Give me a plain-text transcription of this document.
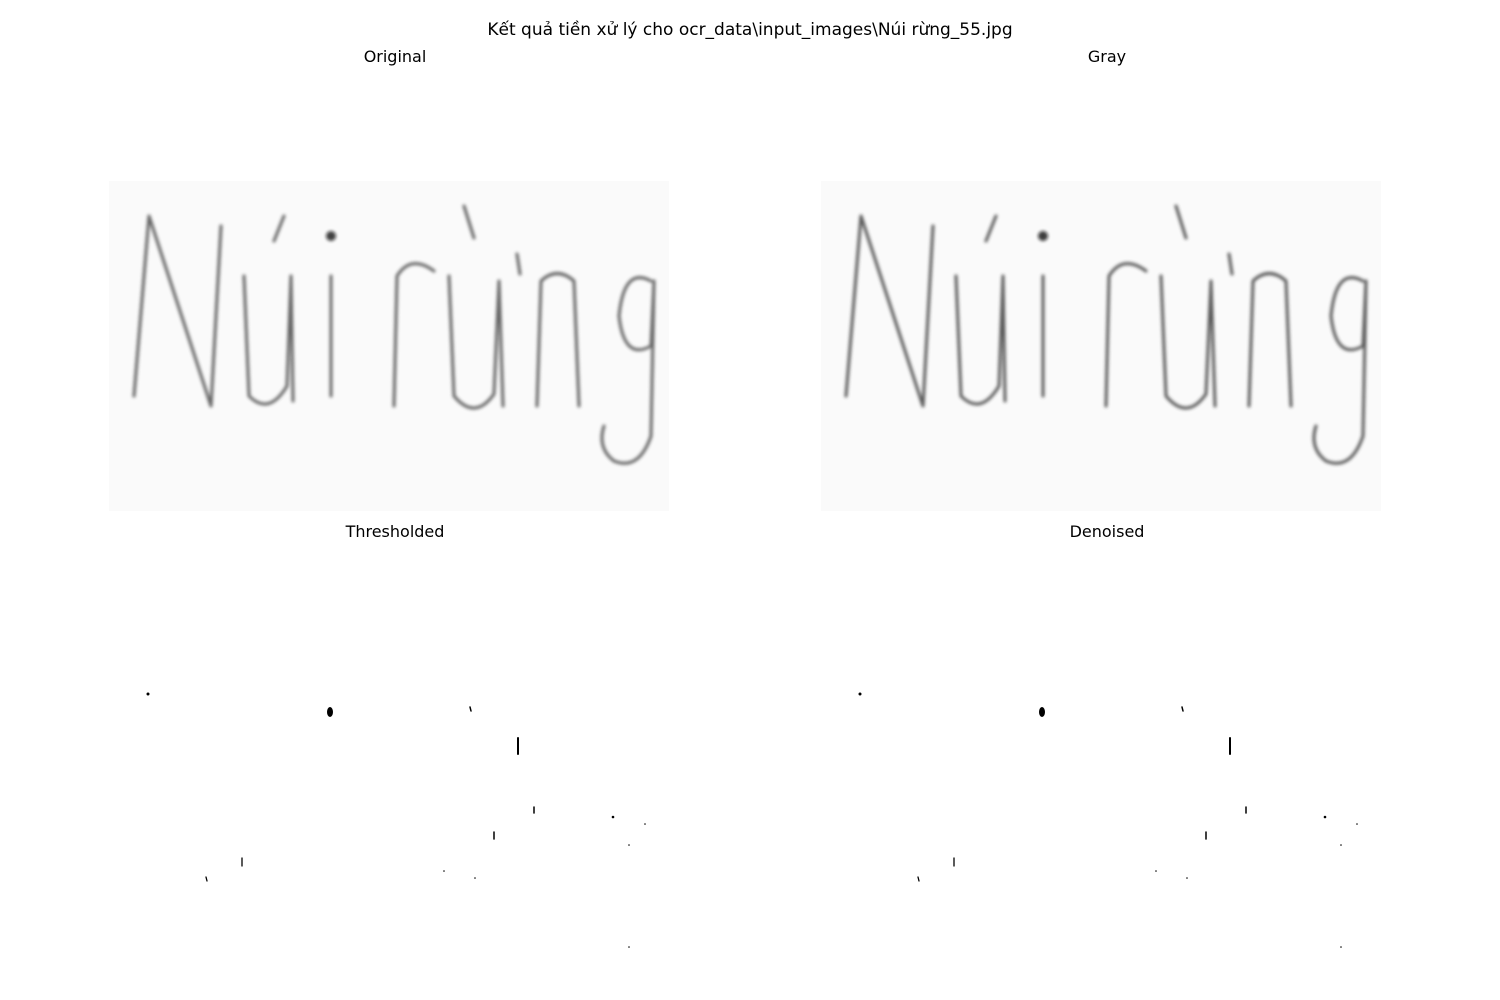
Kết quả tiền xử lý cho ocr_data\input_images\Núi rừng_55.jpg
Original	Gray
Thresholded	Denoised
